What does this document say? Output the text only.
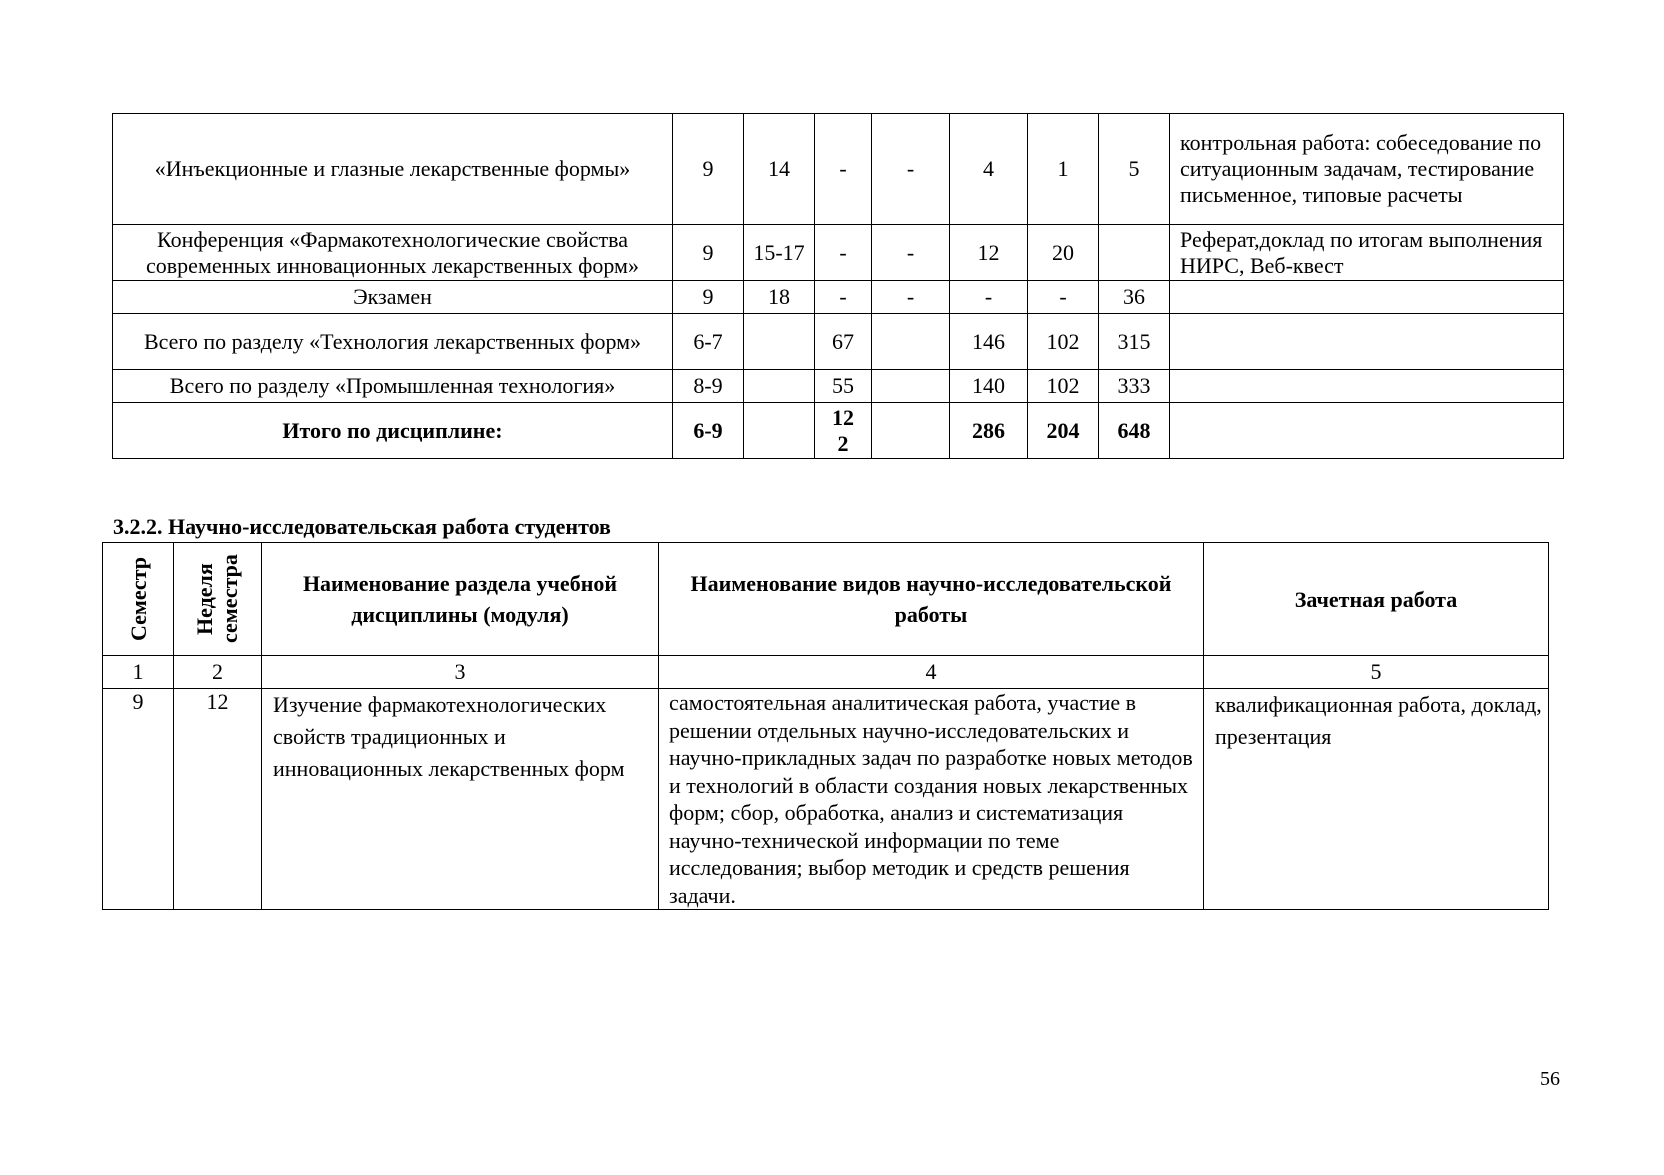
«Инъекционные и глазные лекарственные формы»	9	14	-	-	4	1	5	контрольная работа: собеседование по ситуационным задачам, тестирование письменное, типовые расчеты
Конференция «Фармакотехнологические свойства современных инновационных лекарственных форм»	9	15-17	-	-	12	20		Реферат,доклад по итогам выполнения НИРС, Веб-квест
Экзамен	9	18	-	-	-	-	36	
Всего по разделу «Технология лекарственных форм»	6-7		67		146	102	315	
Всего по разделу «Промышленная технология»	8-9		55		140	102	333	
Итого по дисциплине:	6-9		122		286	204	648	
3.2.2. Научно-исследовательская работа студентов
Семестр	Неделя семестра	Наименование раздела учебной дисциплины (модуля)	Наименование видов научно-исследовательской работы	Зачетная работа
1	2	3	4	5
9	12	Изучение фармакотехнологических свойств традиционных и инновационных лекарственных форм	самостоятельная аналитическая работа, участие в решении отдельных научно-исследовательских и научно-прикладных задач по разработке новых методов и технологий в области создания новых лекарственных форм; сбор, обработка, анализ и систематизация научно-технической информации по теме исследования; выбор методик и средств решения задачи.	квалификационная работа, доклад, презентация
56
